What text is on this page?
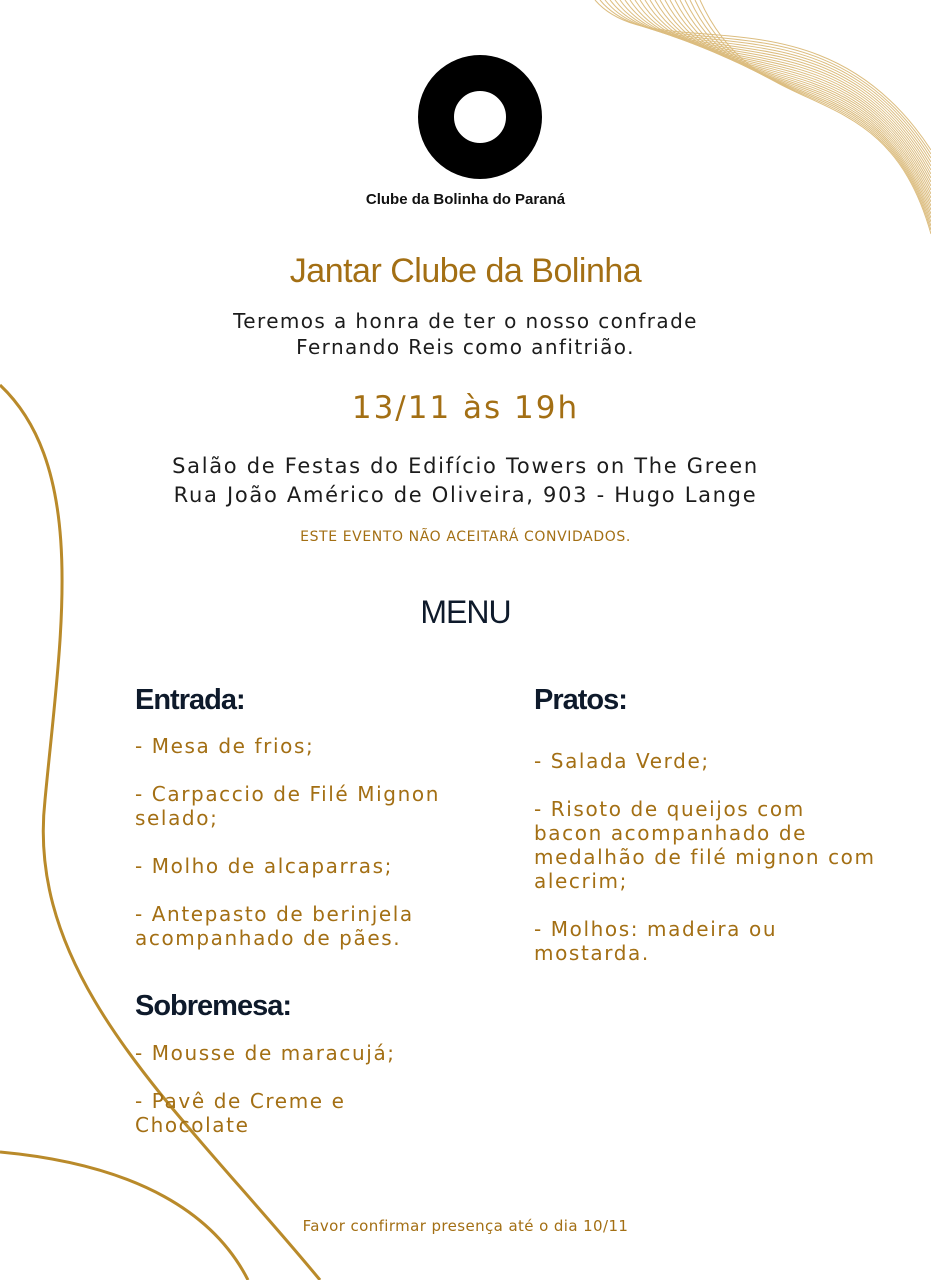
Clube da Bolinha do Paraná
Jantar Clube da Bolinha
Teremos a honra de ter o nosso confrade
Fernando Reis como anfitrião.
13/11 às 19h
Salão de Festas do Edifício Towers on The Green
Rua João Américo de Oliveira, 903 - Hugo Lange
ESTE EVENTO NÃO ACEITARÁ CONVIDADOS.
MENU
Entrada:
- Mesa de frios;
- Carpaccio de Filé Mignon selado;
- Molho de alcaparras;
- Antepasto de berinjela acompanhado de pães.
Pratos:
- Salada Verde;
- Risoto de queijos com bacon acompanhado de medalhão de filé mignon com alecrim;
- Molhos: madeira ou mostarda.
Sobremesa:
- Mousse de maracujá;
- Pavê de Creme e Chocolate
Favor confirmar presença até o dia 10/11
